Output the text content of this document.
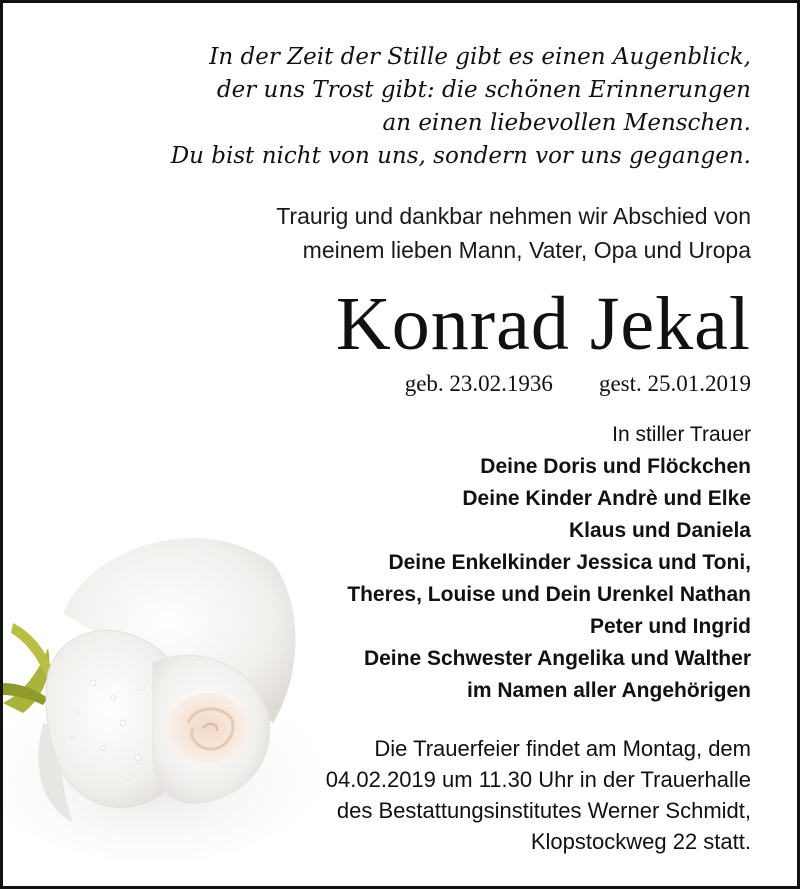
In der Zeit der Stille gibt es einen Augenblick,
der uns Trost gibt: die schönen Erinnerungen
an einen liebevollen Menschen.
Du bist nicht von uns, sondern vor uns gegangen.
Traurig und dankbar nehmen wir Abschied von
meinem lieben Mann, Vater, Opa und Uropa
Konrad Jekal
geb. 23.02.1936 gest. 25.01.2019
In stiller Trauer
Deine Doris und Flöckchen
Deine Kinder Andrè und Elke
Klaus und Daniela
Deine Enkelkinder Jessica und Toni,
Theres, Louise und Dein Urenkel Nathan
Peter und Ingrid
Deine Schwester Angelika und Walther
im Namen aller Angehörigen
Die Trauerfeier findet am Montag, dem
04.02.2019 um 11.30 Uhr in der Trauerhalle
des Bestattungsinstitutes Werner Schmidt,
Klopstockweg 22 statt.
